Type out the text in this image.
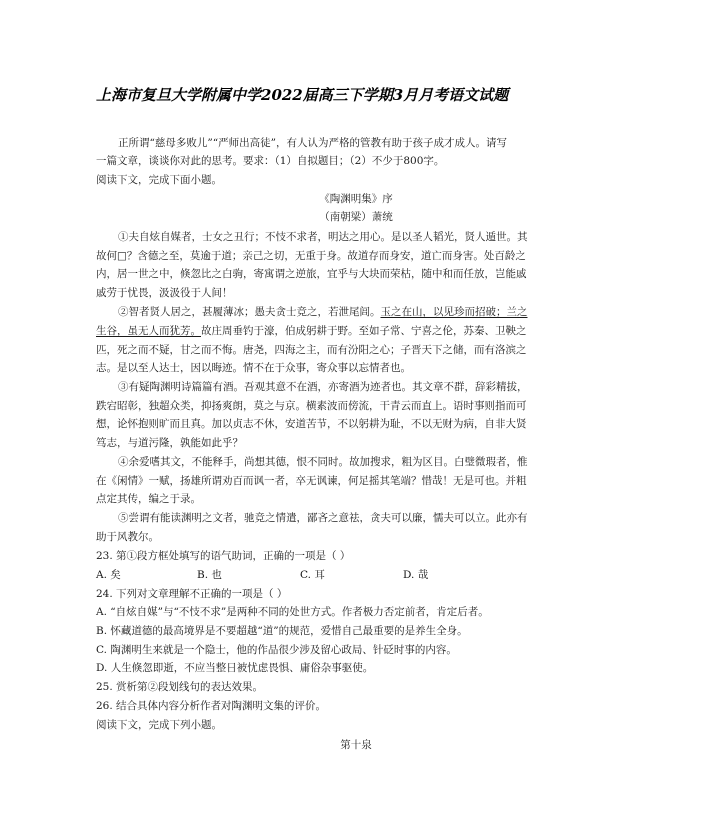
上海市复旦大学附属中学2022届高三下学期3月月考语文试题
正所谓“慈母多败儿”“严师出高徒”，有人认为严格的管教有助于孩子成才成人。请写
一篇文章，谈谈你对此的思考。要求：（1）自拟题目；（2）不少于800字。
阅读下文，完成下面小题。
《陶渊明集》序
（南朝梁）萧统
①夫自炫自媒者，士女之丑行；不忮不求者，明达之用心。是以圣人韬光，贤人遁世。其
故何□？含德之至，莫逾于道；亲己之切，无重于身。故道存而身安，道亡而身害。处百龄之
内，居一世之中，倏忽比之白驹，寄寓谓之逆旅，宜乎与大块而荣枯，随中和而任放，岂能戚
戚劳于忧畏，汲汲役于人间！
②智者贤人居之，甚履薄冰；愚夫贪士竞之，若泄尾闾。玉之在山，以见珍而招破；兰之
生谷，虽无人而犹芳。故庄周垂钓于濠，伯成躬耕于野。至如子常、宁喜之伦，苏秦、卫鞅之
匹，死之而不疑，甘之而不悔。唐尧，四海之主，而有汾阳之心；子晋天下之储，而有洛滨之
志。是以至人达士，因以晦迹。情不在于众事，寄众事以忘情者也。
③有疑陶渊明诗篇篇有酒。吾观其意不在酒，亦寄酒为迹者也。其文章不群，辞彩精拔，
跌宕昭彰，独超众类，抑扬爽朗，莫之与京。横素波而傍流，干青云而直上。语时事则指而可
想，论怀抱则旷而且真。加以贞志不休，安道苦节，不以躬耕为耻，不以无财为病，自非大贤
笃志，与道污隆，孰能如此乎？
④余爱嗜其文，不能释手，尚想其德，恨不同时。故加搜求，粗为区目。白璧微瑕者，惟
在《闲情》一赋，扬雄所谓劝百而讽一者，卒无讽谏，何足摇其笔端？惜哉！无是可也。并粗
点定其传，编之于录。
⑤尝谓有能读渊明之文者，驰竞之情遣，鄙吝之意祛，贪夫可以廉，懦夫可以立。此亦有
助于风教尔。
23. 第①段方框处填写的语气助词，正确的一项是（ ）
A. 矣	B. 也	C. 耳	D. 哉
24. 下列对文章理解不正确的一项是（ ）
A. “自炫自媒”与“不忮不求”是两种不同的处世方式。作者极力否定前者，肯定后者。
B. 怀藏道德的最高境界是不要超越“道”的规范，爱惜自己最重要的是养生全身。
C. 陶渊明生来就是一个隐士，他的作品很少涉及留心政局、针砭时事的内容。
D. 人生倏忽即逝，不应当整日被忧虑畏惧、庸俗杂事驱使。
25. 赏析第②段划线句的表达效果。
26. 结合具体内容分析作者对陶渊明文集的评价。
阅读下文，完成下列小题。
第十泉
